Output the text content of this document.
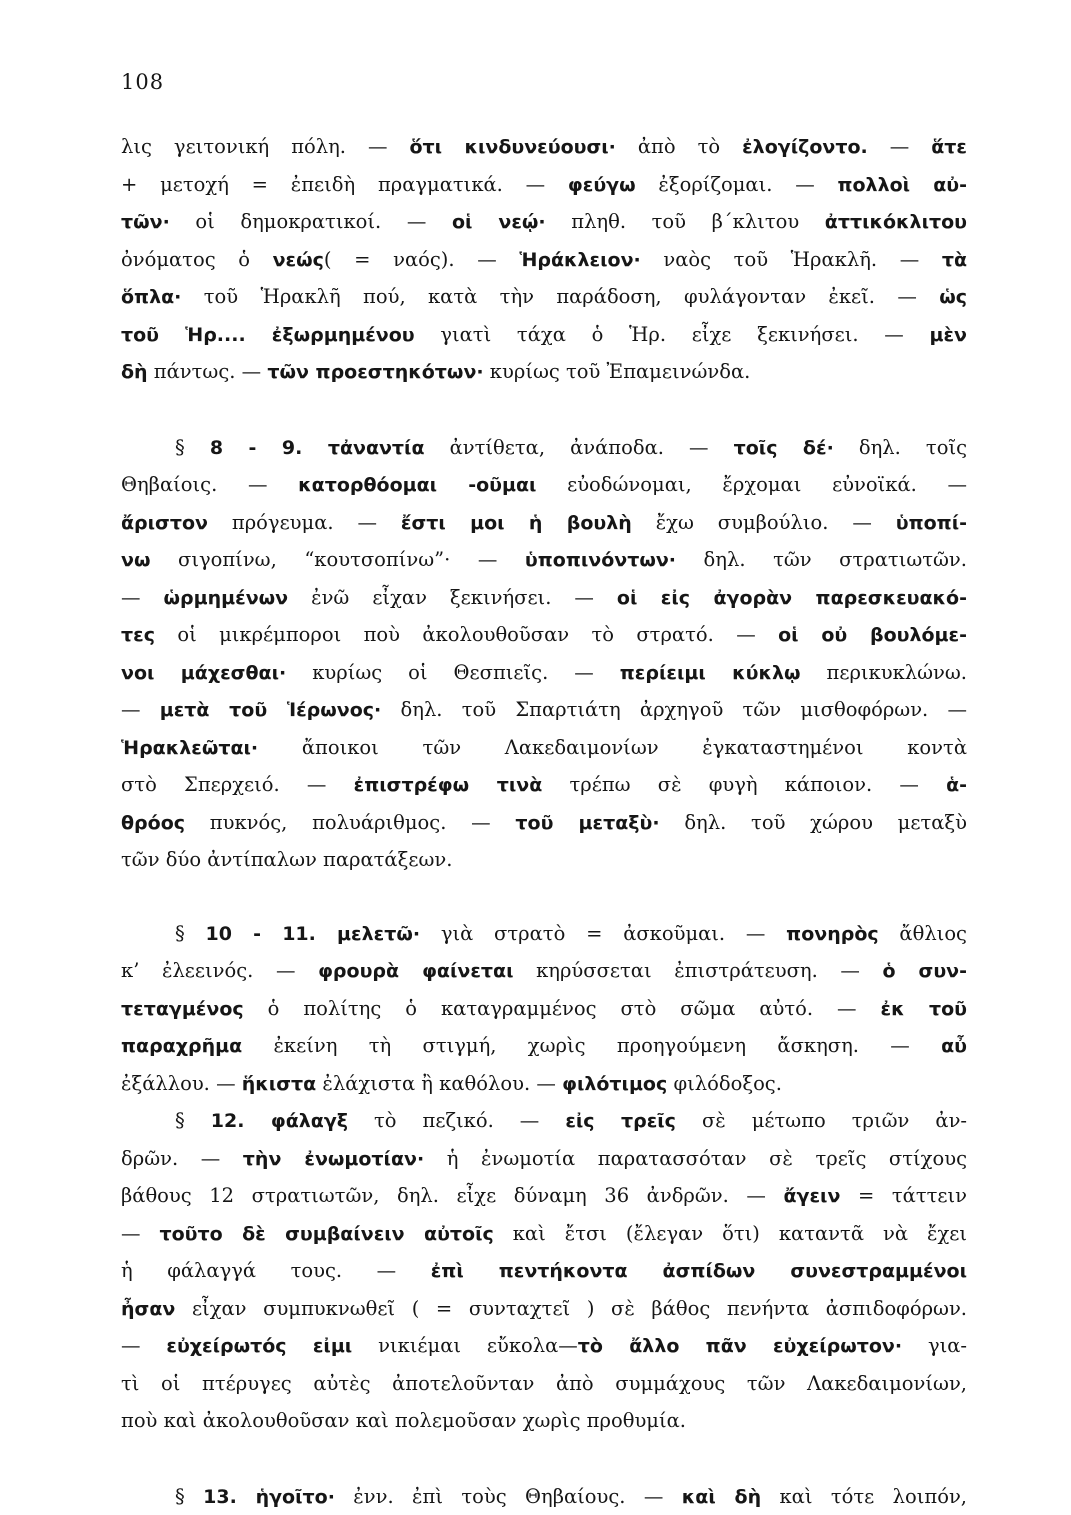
108
λις γειτονική πόλη. — ὅτι κινδυνεύουσι· ἀπὸ τὸ ἐλογίζοντο. — ἅτε
+ μετοχή = ἐπειδὴ πραγματικά. — φεύγω ἐξορίζομαι. — πολλοὶ αὐ-
τῶν· οἱ δημοκρατικοί. — οἱ νεῴ· πληθ. τοῦ β΄κλιτου ἀττικόκλιτου
ὀνόματος ὁ νεώς( = ναός). — Ἡράκλειον· ναὸς τοῦ Ἡρακλῆ. — τὰ
ὅπλα· τοῦ Ἡρακλῆ πού, κατὰ τὴν παράδοση, φυλάγονταν ἐκεῖ. — ὡς
τοῦ Ἡρ.... ἐξωρμημένου γιατὶ τάχα ὁ Ἡρ. εἶχε ξεκινήσει. — μὲν
δὴ πάντως. — τῶν προεστηκότων· κυρίως τοῦ Ἐπαμεινώνδα.
§ 8 - 9. τἀναντία ἀντίθετα, ἀνάποδα. — τοῖς δέ· δηλ. τοῖς
Θηβαίοις. — κατορθόομαι -οῦμαι εὐοδώνομαι, ἔρχομαι εὐνοϊκά. —
ἄριστον πρόγευμα. — ἔστι μοι ἡ βουλὴ ἔχω συμβούλιο. — ὑποπί-
νω σιγοπίνω, “κουτσοπίνω”· — ὑποπινόντων· δηλ. τῶν στρατιωτῶν.
— ὡρμημένων ἐνῶ εἶχαν ξεκινήσει. — οἱ εἰς ἀγορὰν παρεσκευακό-
τες οἱ μικρέμποροι ποὺ ἀκολουθοῦσαν τὸ στρατό. — οἱ οὐ βουλόμε-
νοι μάχεσθαι· κυρίως οἱ Θεσπιεῖς. — περίειμι κύκλῳ περικυκλώνω.
— μετὰ τοῦ Ἱέρωνος· δηλ. τοῦ Σπαρτιάτη ἀρχηγοῦ τῶν μισθοφόρων. —
Ἡρακλεῶται· ἄποικοι τῶν Λακεδαιμονίων ἐγκαταστημένοι κοντὰ
στὸ Σπερχειό. — ἐπιστρέφω τινὰ τρέπω σὲ φυγὴ κάποιον. — ἁ-
θρόος πυκνός, πολυάριθμος. — τοῦ μεταξὺ· δηλ. τοῦ χώρου μεταξὺ
τῶν δύο ἀντίπαλων παρατάξεων.
§ 10 - 11. μελετῶ· γιὰ στρατὸ = ἀσκοῦμαι. — πονηρὸς ἄθλιος
κ’ ἐλεεινός. — φρουρὰ φαίνεται κηρύσσεται ἐπιστράτευση. — ὁ συν-
τεταγμένος ὁ πολίτης ὁ καταγραμμένος στὸ σῶμα αὐτό. — ἐκ τοῦ
παραχρῆμα ἐκείνη τὴ στιγμή, χωρὶς προηγούμενη ἄσκηση. — αὖ
ἐξάλλου. — ἥκιστα ἐλάχιστα ἢ καθόλου. — φιλότιμος φιλόδοξος.
§ 12. φάλαγξ τὸ πεζικό. — εἰς τρεῖς σὲ μέτωπο τριῶν ἀν-
δρῶν. — τὴν ἐνωμοτίαν· ἡ ἐνωμοτία παρατασσόταν σὲ τρεῖς στίχους
βάθους 12 στρατιωτῶν, δηλ. εἶχε δύναμη 36 ἀνδρῶν. — ἄγειν = τάττειν
— τοῦτο δὲ συμβαίνειν αὐτοῖς καὶ ἔτσι (ἔλεγαν ὅτι) καταντᾶ νὰ ἔχει
ἡ φάλαγγά τους. — ἐπὶ πεντήκοντα ἀσπίδων συνεστραμμένοι
ἦσαν εἶχαν συμπυκνωθεῖ ( = συνταχτεῖ ) σὲ βάθος πενήντα ἀσπιδοφόρων.
— εὐχείρωτός εἰμι νικιέμαι εὔκολα—τὸ ἄλλο πᾶν εὐχείρωτον· για-
τὶ οἱ πτέρυγες αὐτὲς ἀποτελοῦνταν ἀπὸ συμμάχους τῶν Λακεδαιμονίων,
ποὺ καὶ ἀκολουθοῦσαν καὶ πολεμοῦσαν χωρὶς προθυμία.
§ 13. ἡγοῖτο· ἐνν. ἐπὶ τοὺς Θηβαίους. — καὶ δὴ καὶ τότε λοιπόν,
